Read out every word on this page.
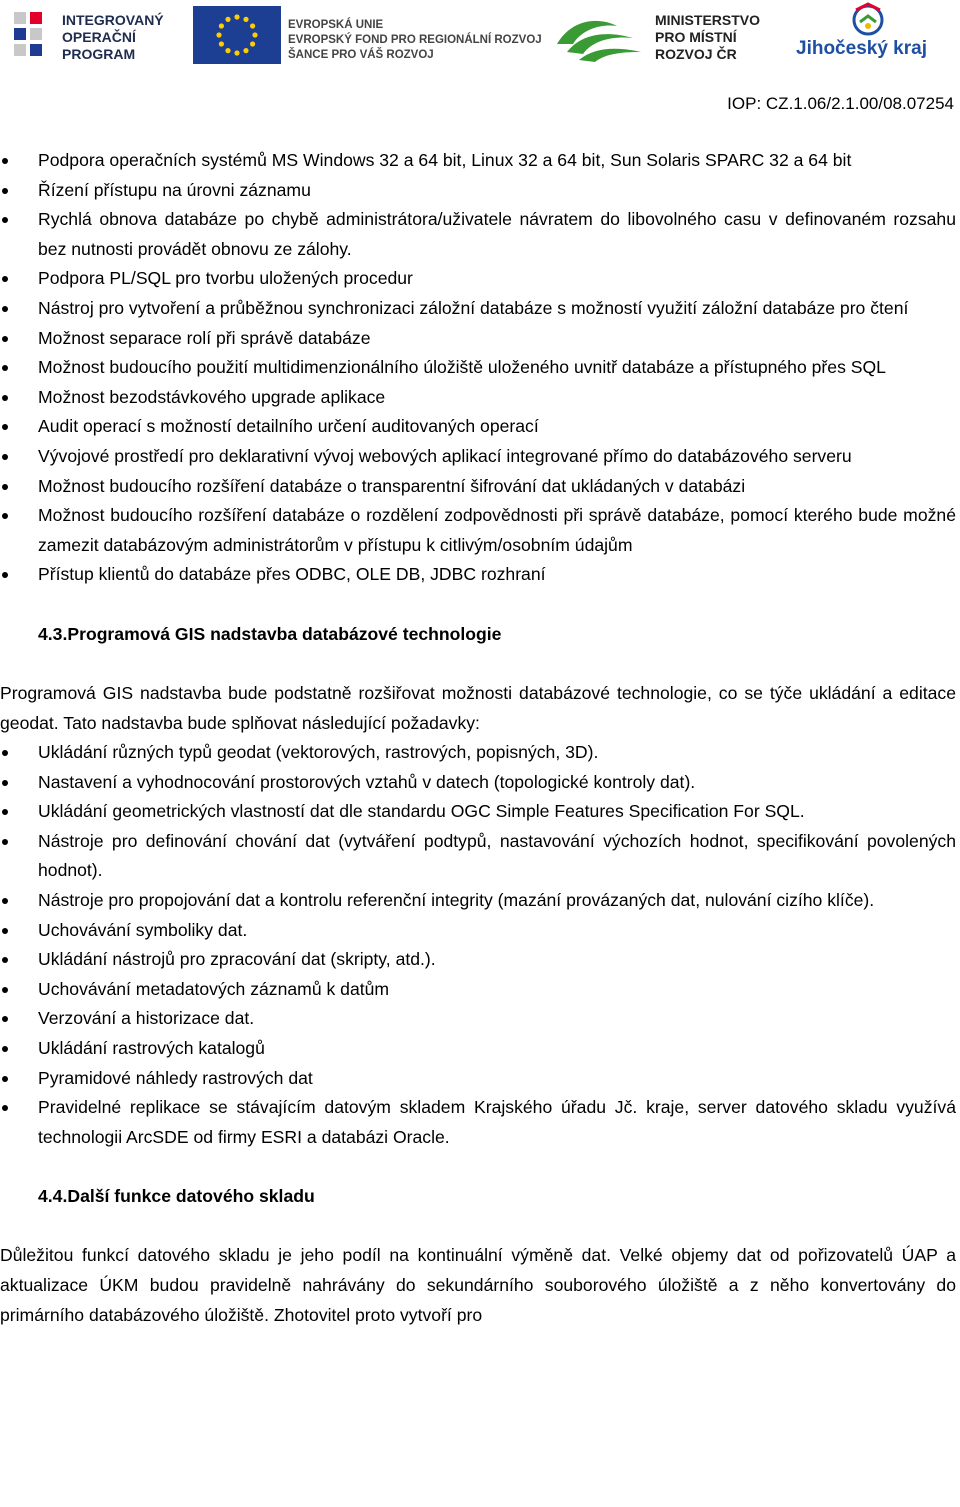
INTEGROVANÝ
OPERAČNÍ
PROGRAM
EVROPSKÁ UNIE
EVROPSKÝ FOND PRO REGIONÁLNÍ ROZVOJ
ŠANCE PRO VÁŠ ROZVOJ
MINISTERSTVO
PRO MÍSTNÍ
ROZVOJ ČR	Jihočeský kraj
IOP: CZ.1.06/2.1.00/08.07254
Podpora operačních systémů MS Windows 32 a 64 bit, Linux 32 a 64 bit, Sun Solaris SPARC 32 a 64 bit
Řízení přístupu na úrovni záznamu
Rychlá obnova databáze po chybě administrátora/uživatele návratem do libovolného casu v definovaném rozsahu bez nutnosti provádět obnovu ze zálohy.
Podpora PL/SQL pro tvorbu uložených procedur
Nástroj pro vytvoření a průběžnou synchronizaci záložní databáze s možností využití záložní databáze pro čtení
Možnost separace rolí při správě databáze
Možnost budoucího použití multidimenzionálního úložiště uloženého uvnitř databáze a přístupného přes SQL
Možnost bezodstávkového upgrade aplikace
Audit operací s možností detailního určení auditovaných operací
Vývojové prostředí pro deklarativní vývoj webových aplikací integrované přímo do databázového serveru
Možnost budoucího rozšíření databáze o transparentní šifrování dat ukládaných v databázi
Možnost budoucího rozšíření databáze o rozdělení zodpovědnosti při správě databáze, pomocí kterého bude možné zamezit databázovým administrátorům v přístupu k citlivým/osobním údajům
Přístup klientů do databáze přes ODBC, OLE DB, JDBC rozhraní
4.3.Programová GIS nadstavba databázové technologie

Programová GIS nadstavba bude podstatně rozšiřovat možnosti databázové technologie, co se týče ukládání a editace geodat. Tato nadstavba bude splňovat následující požadavky:

Ukládání různých typů geodat (vektorových, rastrových, popisných, 3D).
Nastavení a vyhodnocování prostorových vztahů v datech (topologické kontroly dat).
Ukládání geometrických vlastností dat dle standardu OGC Simple Features Specification For SQL.
Nástroje pro definování chování dat (vytváření podtypů, nastavování výchozích hodnot, specifikování povolených hodnot).
Nástroje pro propojování dat a kontrolu referenční integrity (mazání provázaných dat, nulování cizího klíče).
Uchovávání symboliky dat.
Ukládání nástrojů pro zpracování dat (skripty, atd.).
Uchovávání metadatových záznamů k datům
Verzování a historizace dat.
Ukládání rastrových katalogů
Pyramidové náhledy rastrových dat
Pravidelné replikace se stávajícím datovým skladem Krajského úřadu Jč. kraje, server datového skladu využívá technologii ArcSDE od firmy ESRI a databázi Oracle.
4.4.Další funkce datového skladu

Důležitou funkcí datového skladu je jeho podíl na kontinuální výměně dat. Velké objemy dat od pořizovatelů ÚAP a aktualizace ÚKM budou pravidelně nahrávány do sekundárního souborového úložiště a z něho konvertovány do primárního databázového úložiště. Zhotovitel proto vytvoří pro
